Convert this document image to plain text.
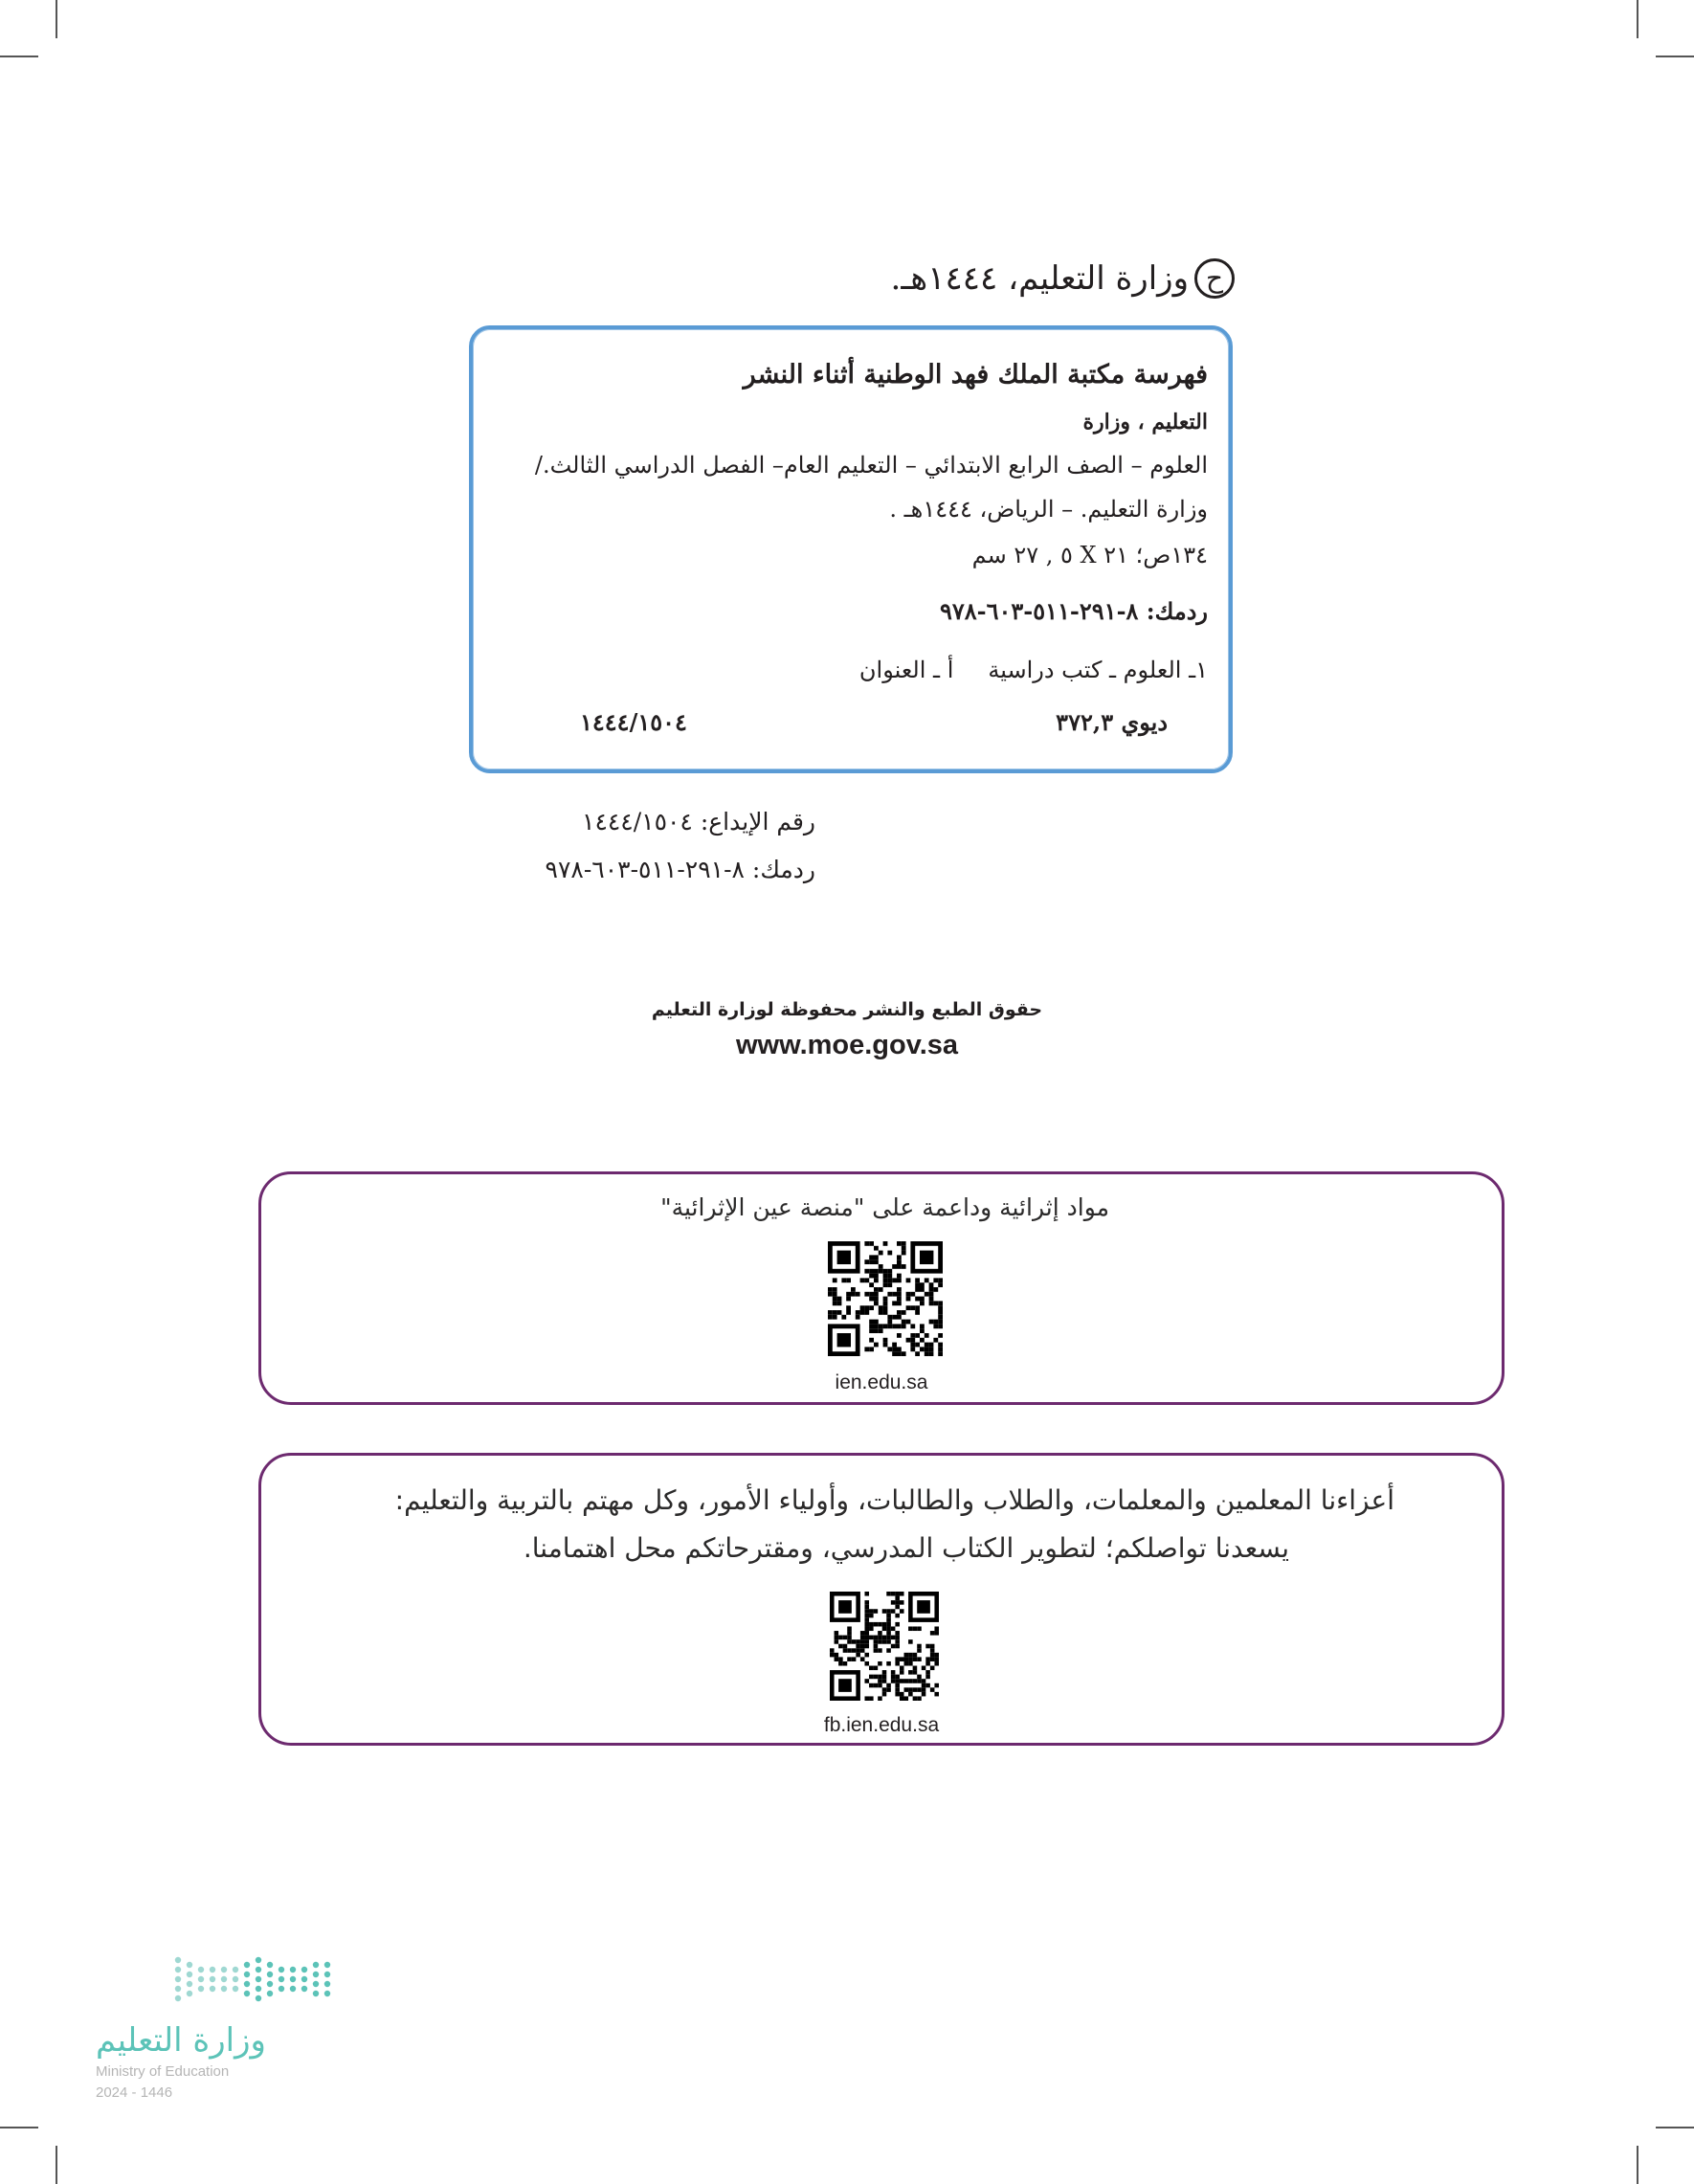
ح
وزارة التعليم، ١٤٤٤هـ.
فهرسة مكتبة الملك فهد الوطنية أثناء النشر
التعليم ، وزارة
العلوم – الصف الرابع الابتدائي – التعليم العام– الفصل الدراسي الثالث./
وزارة التعليم. – الرياض، ١٤٤٤هـ .
١٣٤ص؛ ٢١ X ٥ , ٢٧ سم
ردمك: ٨-٢٩١-٥١١-٦٠٣-٩٧٨
١ـ العلوم ـ كتب دراسيةأ ـ العنوان
ديوي ٣٧٢,٣
١٤٤٤/١٥٠٤
رقم الإيداع: ١٤٤٤/١٥٠٤
ردمك: ٨-٢٩١-٥١١-٦٠٣-٩٧٨
حقوق الطبع والنشر محفوظة لوزارة التعليم
www.moe.gov.sa
مواد إثرائية وداعمة على "منصة عين الإثرائية"
ien.edu.sa
أعزاءنا المعلمين والمعلمات، والطلاب والطالبات، وأولياء الأمور، وكل مهتم بالتربية والتعليم:
يسعدنا تواصلكم؛ لتطوير الكتاب المدرسي، ومقترحاتكم محل اهتمامنا.
fb.ien.edu.sa
وزارة التعليم
Ministry of Education
2024 - 1446
